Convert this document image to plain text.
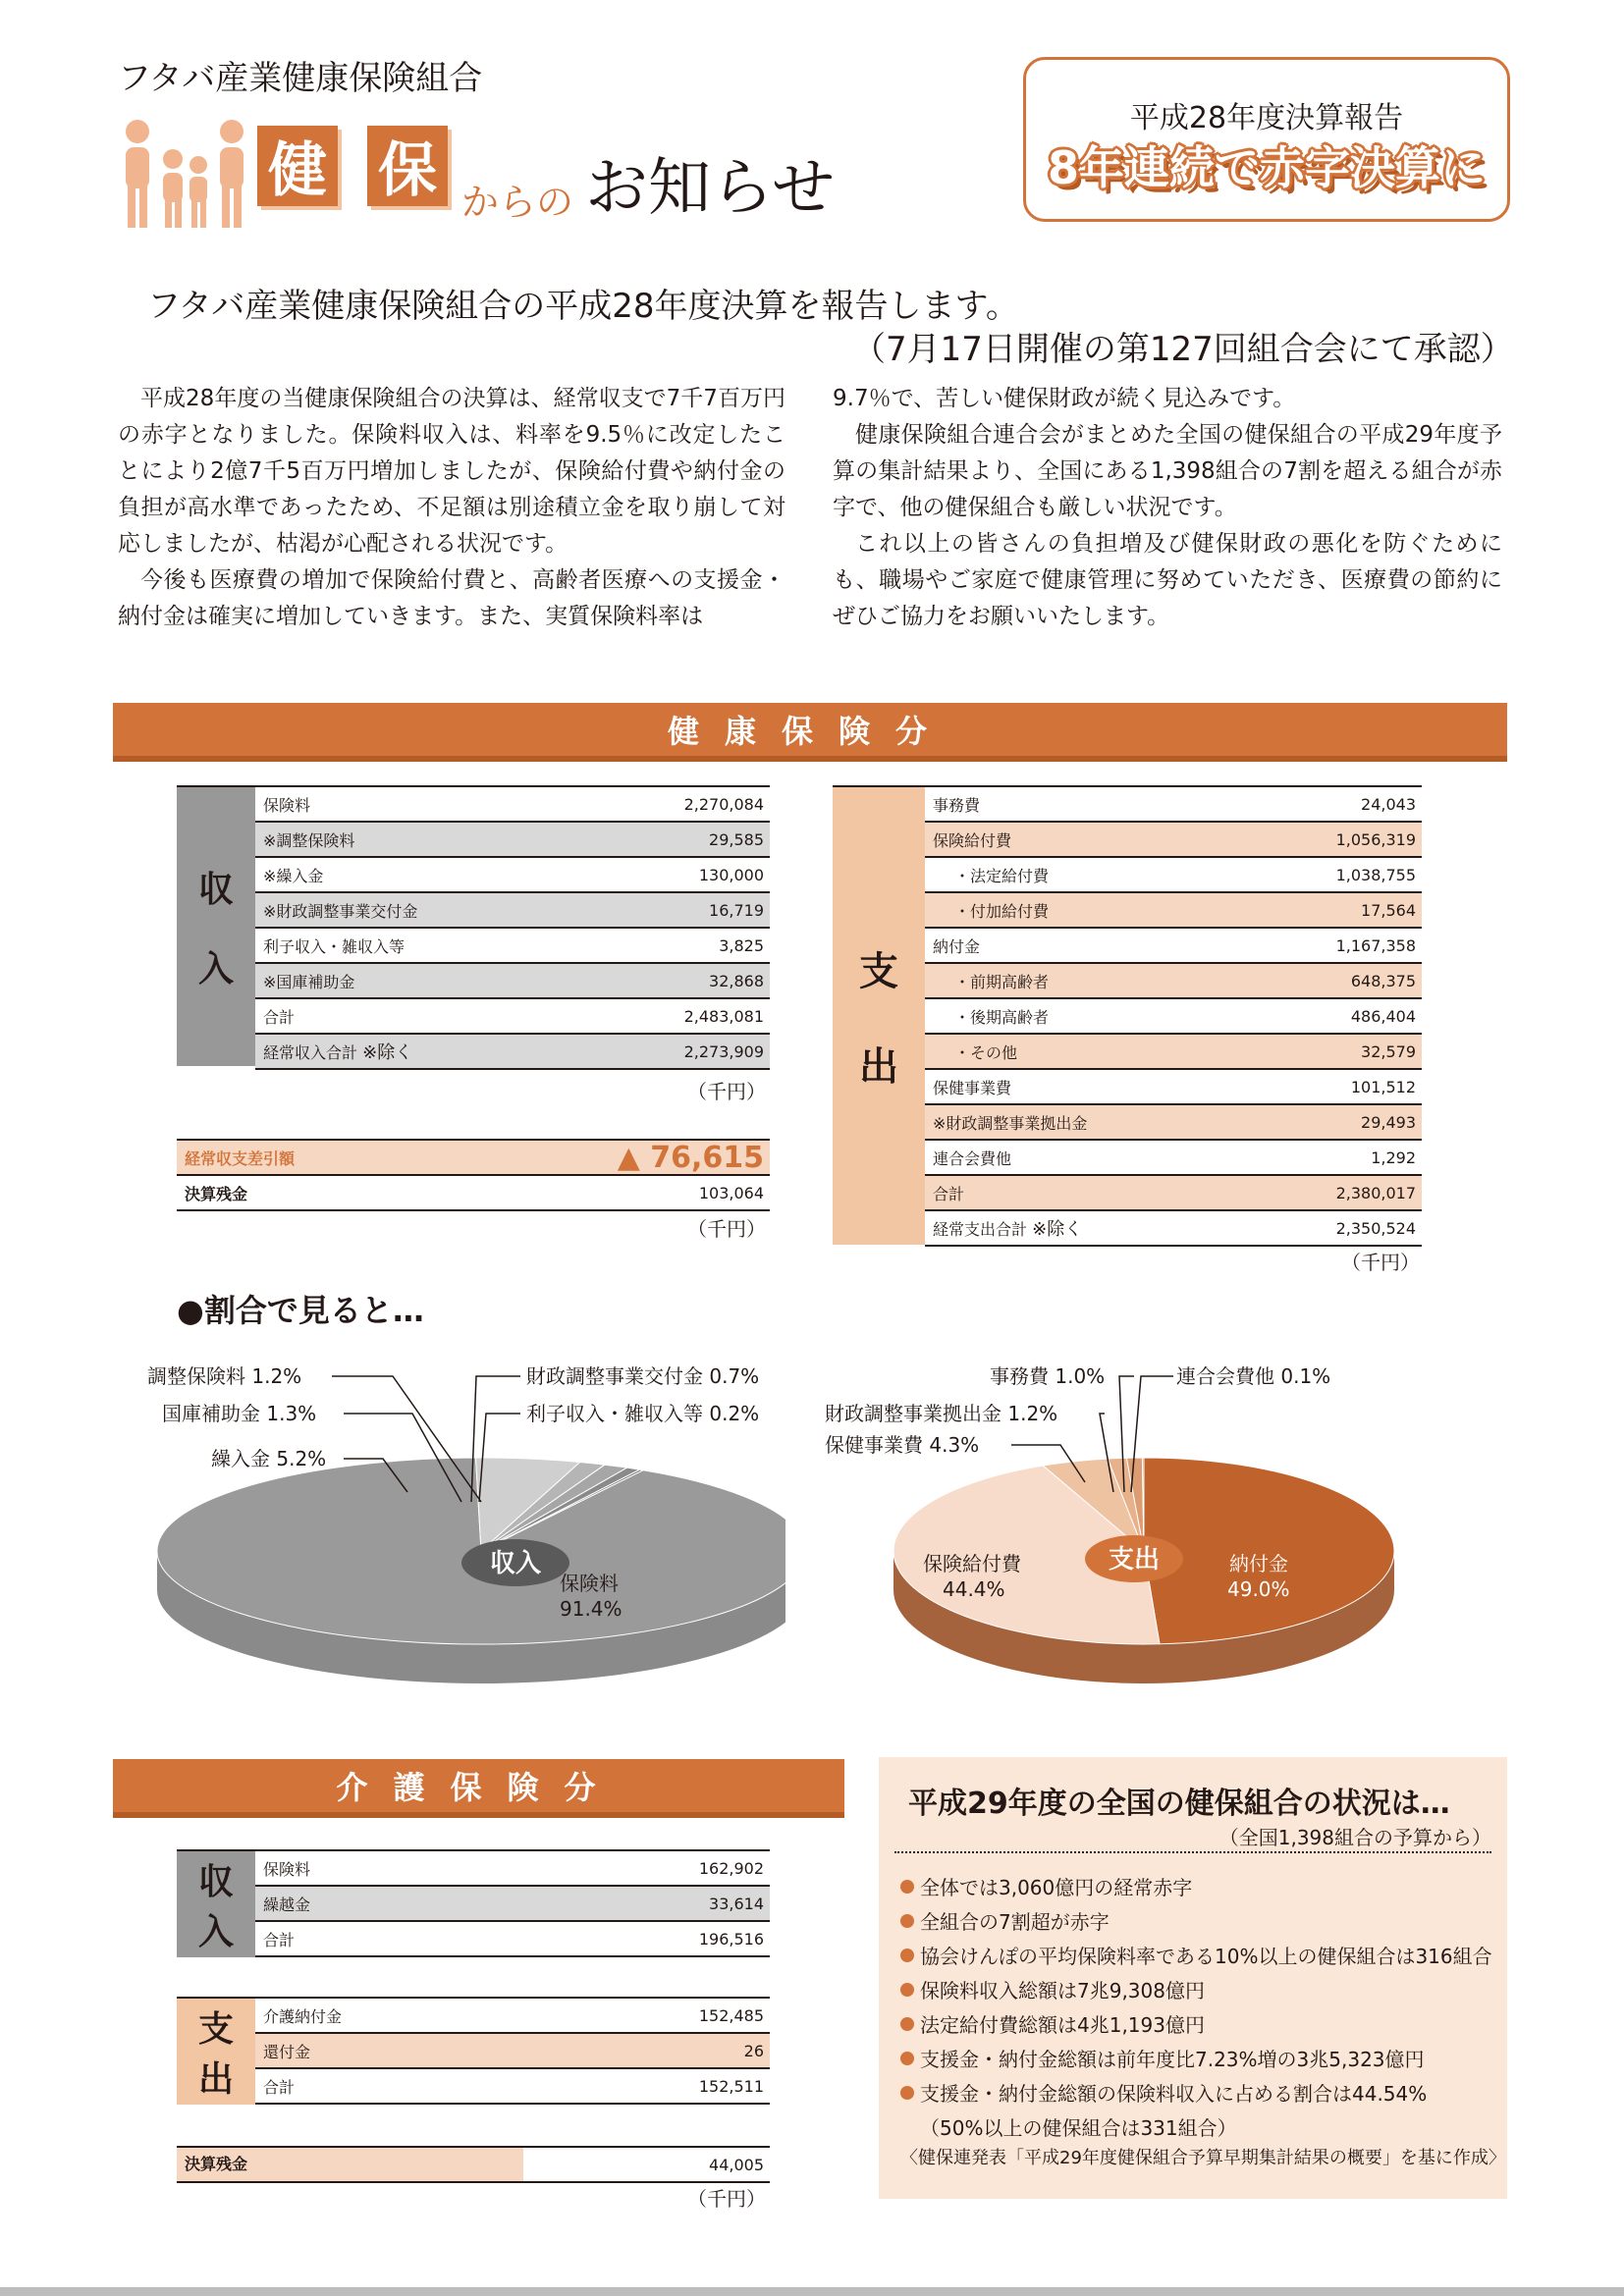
フタバ産業健康保険組合
健 保 からの お知らせ
平成28年度決算報告
8年連続で赤字決算に
フタバ産業健康保険組合の平成28年度決算を報告します。
（7月17日開催の第127回組合会にて承認）

平成28年度の当健康保険組合の決算は、経常収支で7千7百万円の赤字となりました。保険料収入は、料率を9.5％に改定したことにより2億7千5百万円増加しましたが、保険給付費や納付金の負担が高水準であったため、不足額は別途積立金を取り崩して対応しましたが、枯渇が心配される状況です。

今後も医療費の増加で保険給付費と、高齢者医療への支援金・納付金は確実に増加していきます。また、実質保険料率は

9.7％で、苦しい健保財政が続く見込みです。

健康保険組合連合会がまとめた全国の健保組合の平成29年度予算の集計結果より、全国にある1,398組合の7割を超える組合が赤字で、他の健保組合も厳しい状況です。

これ以上の皆さんの負担増及び健保財政の悪化を防ぐためにも、職場やご家庭で健康管理に努めていただき、医療費の節約にぜひご協力をお願いいたします。

健康保険分
収
入
保険料	2,270,084
※調整保険料	29,585
※繰入金	130,000
※財政調整事業交付金	16,719
利子収入・雑収入等	3,825
※国庫補助金	32,868
合計	2,483,081
経常収入合計 ※除く	2,273,909
（千円）
経常収支差引額	▲ 76,615
決算残金	103,064
（千円）
支
出
事務費	24,043
保険給付費	1,056,319
・法定給付費	1,038,755
・付加給付費	17,564
納付金	1,167,358
・前期高齢者	648,375
・後期高齢者	486,404
・その他	32,579
保健事業費	101,512
※財政調整事業拠出金	29,493
連合会費他	1,292
合計	2,380,017
経常支出合計 ※除く	2,350,524
（千円）
●割合で見ると…
収入
保険料
91.4%
調整保険料 1.2%
国庫補助金 1.3%
繰入金 5.2%
財政調整事業交付金 0.7%
利子収入・雑収入等 0.2%
支出
保険給付費
44.4%
納付金
49.0%
事務費 1.0%	連合会費他 0.1%
財政調整事業拠出金 1.2%
保健事業費 4.3%
介護保険分
収
入
保険料	162,902
繰越金	33,614
合計	196,516
支
出
介護納付金	152,485
還付金	26
合計	152,511
決算残金	44,005
（千円）
平成29年度の全国の健保組合の状況は…
（全国1,398組合の予算から）
全体では3,060億円の経常赤字
全組合の7割超が赤字
協会けんぽの平均保険料率である10%以上の健保組合は316組合
保険料収入総額は7兆9,308億円
法定給付費総額は4兆1,193億円
支援金・納付金総額は前年度比7.23%増の3兆5,323億円
支援金・納付金総額の保険料収入に占める割合は44.54%
（50%以上の健保組合は331組合）
〈健保連発表「平成29年度健保組合予算早期集計結果の概要」を基に作成〉
